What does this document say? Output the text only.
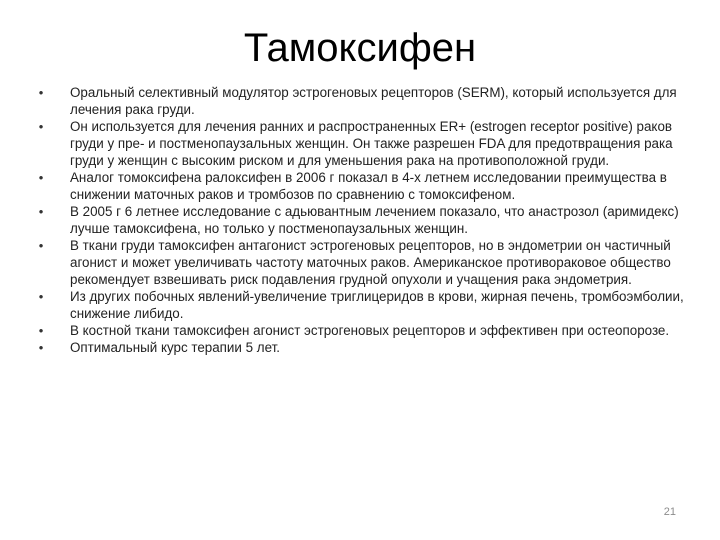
Тамоксифен
• Оральный селективный модулятор эстрогеновых рецепторов (SERM), который используется для лечения рака груди.
• Он используется для лечения ранних и распространенных ER+ (estrogen receptor positive) раков груди у пре- и постменопаузальных женщин. Он также разрешен FDA для предотвращения рака груди у женщин с высоким риском и для уменьшения рака на противоположной груди.
• Аналог томоксифена ралоксифен в 2006 г показал в 4-х летнем исследовании преимущества в снижении маточных раков и тромбозов по сравнению с томоксифеном.
• В 2005 г 6 летнее исследование с адьювантным лечением показало, что анастрозол (аримидекс) лучше тамоксифена, но только у постменопаузальных женщин.
• В ткани груди тамоксифен антагонист эстрогеновых рецепторов, но в эндометрии он частичный агонист и может увеличивать частоту маточных раков. Американское противораковое общество рекомендует взвешивать риск подавления грудной опухоли и учащения рака эндометрия.
• Из других побочных явлений-увеличение триглицеридов в крови, жирная печень, тромбоэмболии, снижение либидо.
• В костной ткани тамоксифен агонист эстрогеновых рецепторов и эффективен при остеопорозе.
• Оптимальный курс терапии 5 лет.
21
